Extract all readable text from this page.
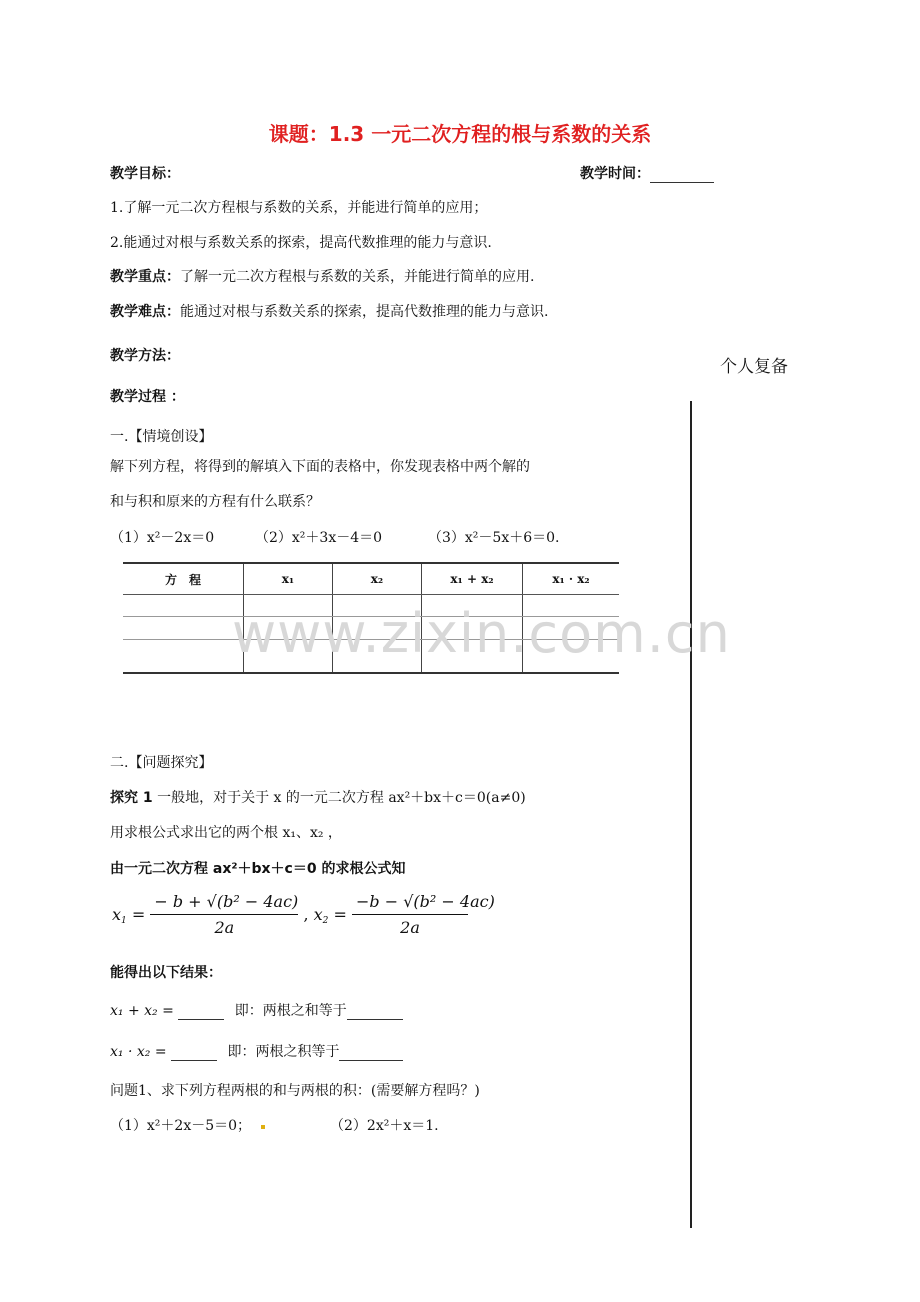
课题：1.3 一元二次方程的根与系数的关系
教学目标：	教学时间：
1.了解一元二次方程根与系数的关系，并能进行简单的应用；
2.能通过对根与系数关系的探索，提高代数推理的能力与意识.
教学重点：了解一元二次方程根与系数的关系，并能进行简单的应用.
教学难点：能通过对根与系数关系的探索，提高代数推理的能力与意识.
教学方法：
个人复备
教学过程 ：
一.【情境创设】
解下列方程，将得到的解填入下面的表格中，你发现表格中两个解的
和与积和原来的方程有什么联系？
（1）x²－2x＝0	（2）x²＋3x－4＝0	（3）x²－5x＋6＝0.
方　程	x₁	x₂	x₁ + x₂	x₁ · x₂

www.zixin.com.cn
二.【问题探究】
探究 1 一般地，对于关于 x 的一元二次方程 ax²＋bx＋c＝0(a≠0)
用求根公式求出它的两个根 x₁、x₂ ，
由一元二次方程 ax²＋bx＋c＝0 的求根公式知
$x_1 = \frac{\text{− b + √(b² − 4ac)}}{2a}$ , $x_2 = \frac{\text{−b − √(b² − 4ac)}}{2a}$
能得出以下结果：
x₁ + x₂ =	即：两根之和等于
x₁ · x₂ =	即：两根之积等于
问题1、求下列方程两根的和与两根的积：(需要解方程吗？)
（1）x²＋2x－5＝0；	（2）2x²＋x＝1.
